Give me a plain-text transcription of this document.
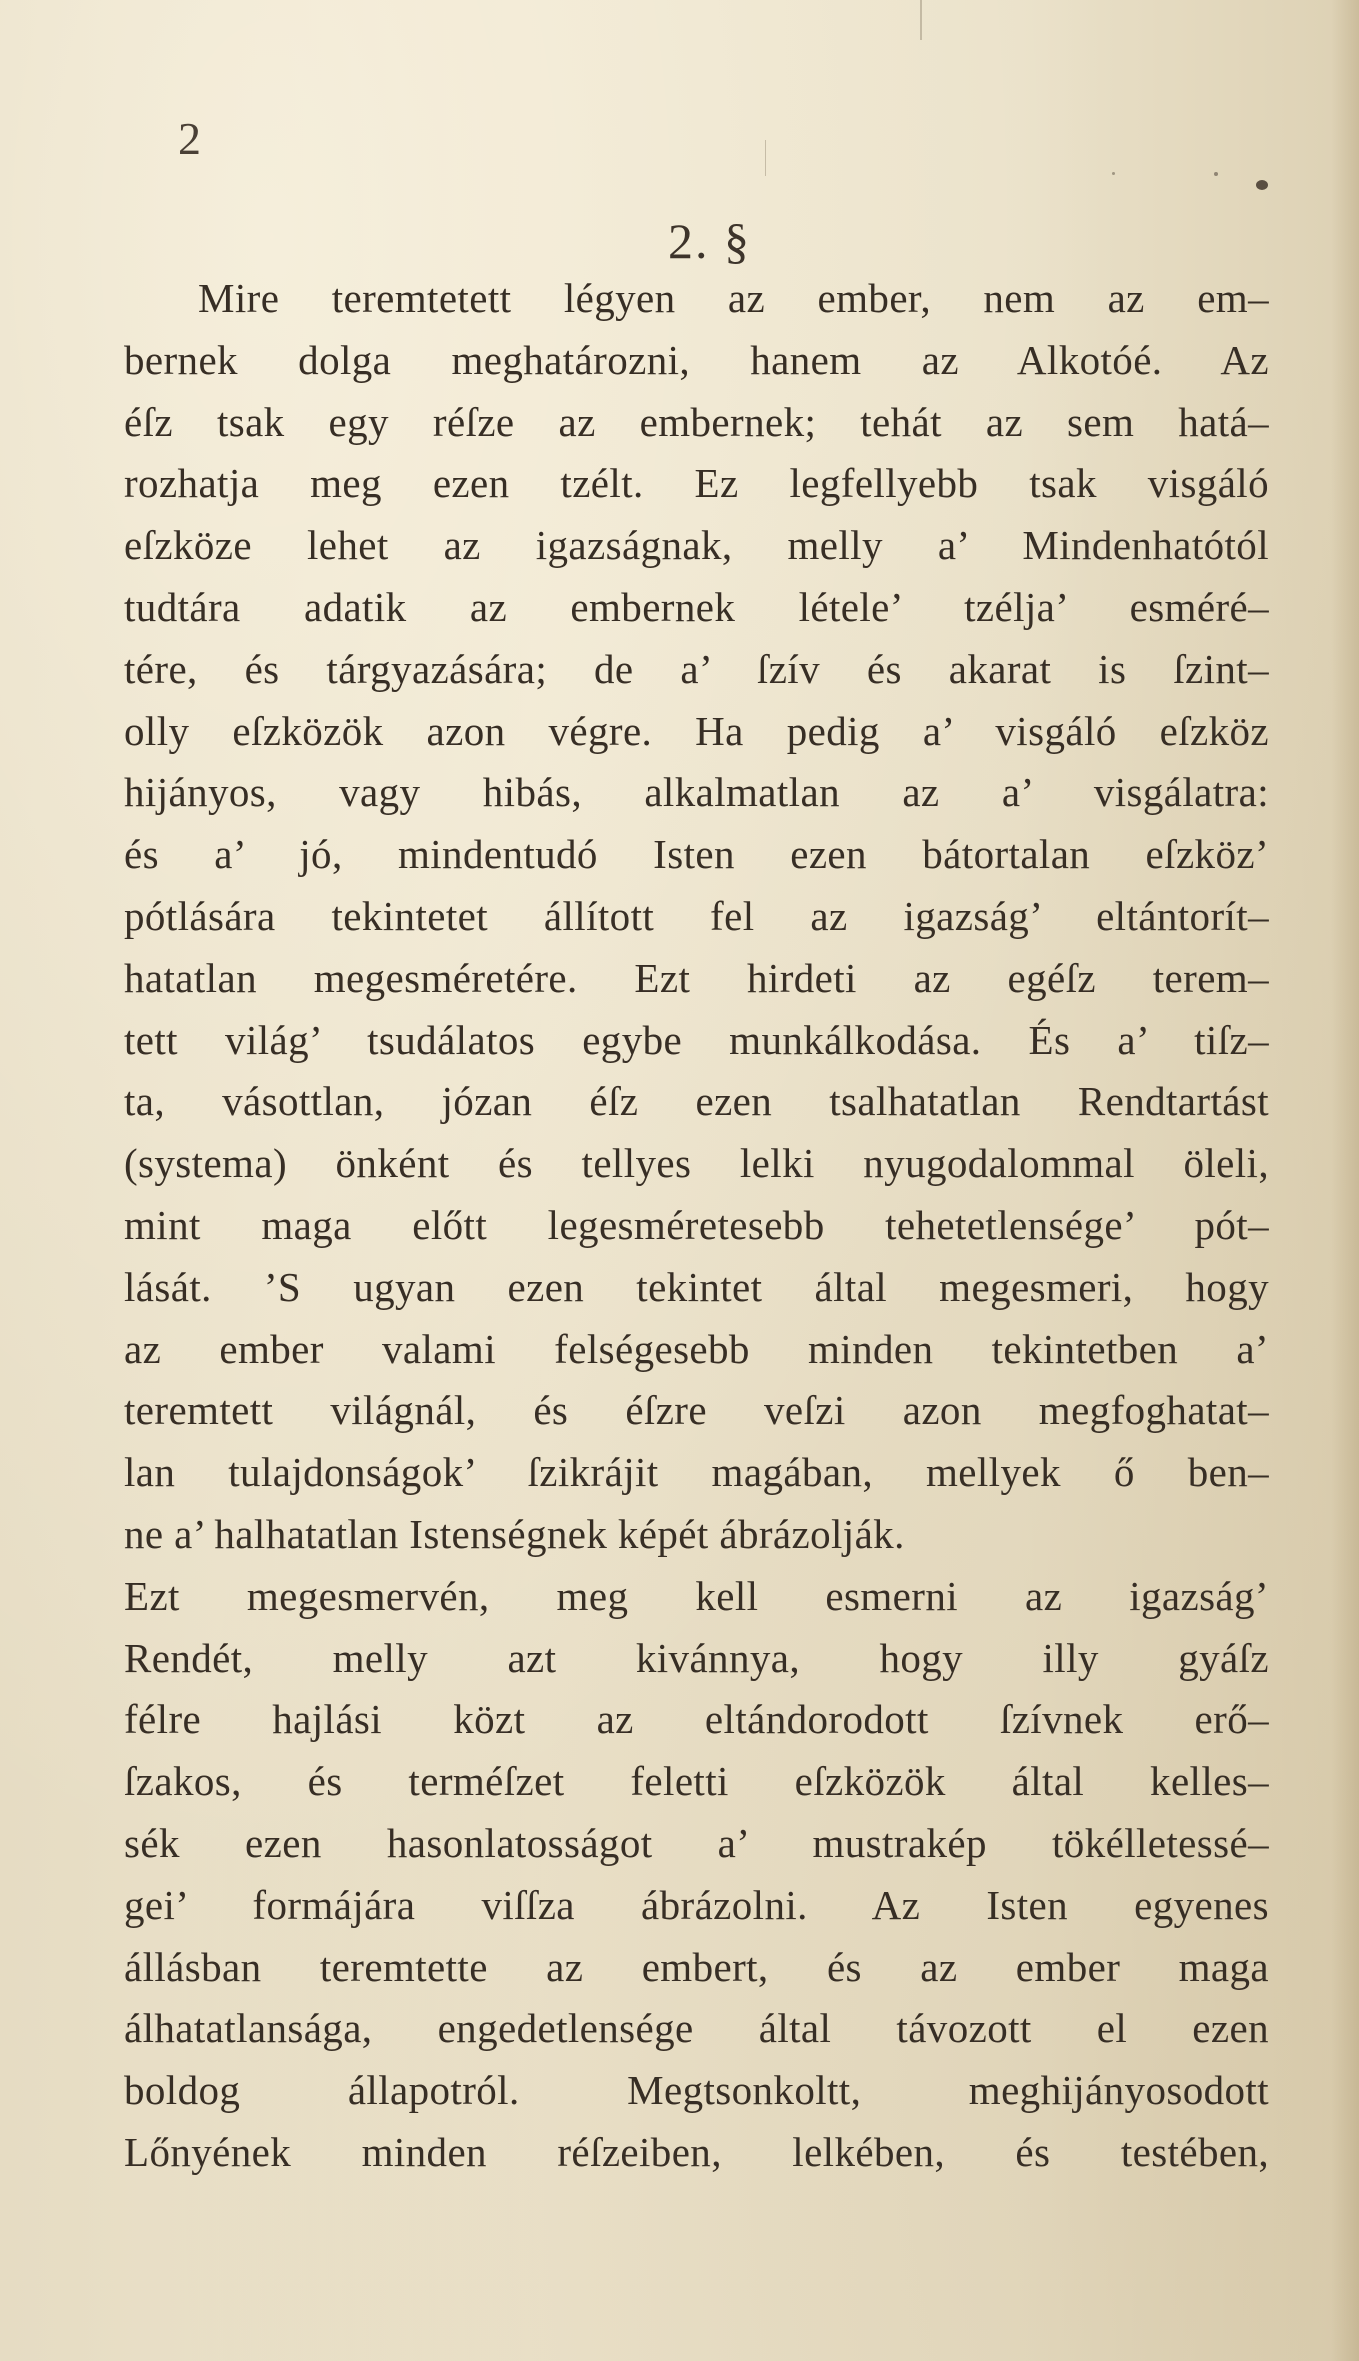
2
2. §
Mire teremtetett légyen az ember, nem az em–
bernek dolga meghatározni, hanem az Alkotóé. Az
éſz tsak egy réſze az embernek; tehát az sem hatá–
rozhatja meg ezen tzélt. Ez legfellyebb tsak visgáló
eſzköze lehet az igazságnak, melly a’ Mindenhatótól
tudtára adatik az embernek létele’ tzélja’ esméré–
tére, és tárgyazására; de a’ ſzív és akarat is ſzint–
olly eſzközök azon végre. Ha pedig a’ visgáló eſzköz
hijányos, vagy hibás, alkalmatlan az a’ visgálatra:
és a’ jó, mindentudó Isten ezen bátortalan eſzköz’
pótlására tekintetet állított fel az igazság’ eltántorít–
hatatlan megesméretére. Ezt hirdeti az egéſz terem–
tett világ’ tsudálatos egybe munkálkodása. És a’ tiſz–
ta, vásottlan, józan éſz ezen tsalhatatlan Rendtartást
(systema) önként és tellyes lelki nyugodalommal öleli,
mint maga előtt legesméretesebb tehetetlensége’ pót–
lását. ’S ugyan ezen tekintet által megesmeri, hogy
az ember valami felségesebb minden tekintetben a’
teremtett világnál, és éſzre veſzi azon megfoghatat–
lan tulajdonságok’ ſzikrájit magában, mellyek ő ben–
ne a’ halhatatlan Istenségnek képét ábrázolják.
Ezt megesmervén, meg kell esmerni az igazság’
Rendét, melly azt kivánnya, hogy illy gyáſz
félre hajlási közt az eltándorodott ſzívnek erő–
ſzakos, és terméſzet feletti eſzközök által kelles–
sék ezen hasonlatosságot a’ mustrakép tökélletessé–
gei’ formájára viſſza ábrázolni. Az Isten egyenes
állásban teremtette az embert, és az ember maga
álhatatlansága, engedetlensége által távozott el ezen
boldog állapotról. Megtsonkoltt, meghijányosodott
Lőnyének minden réſzeiben, lelkében, és testében,
